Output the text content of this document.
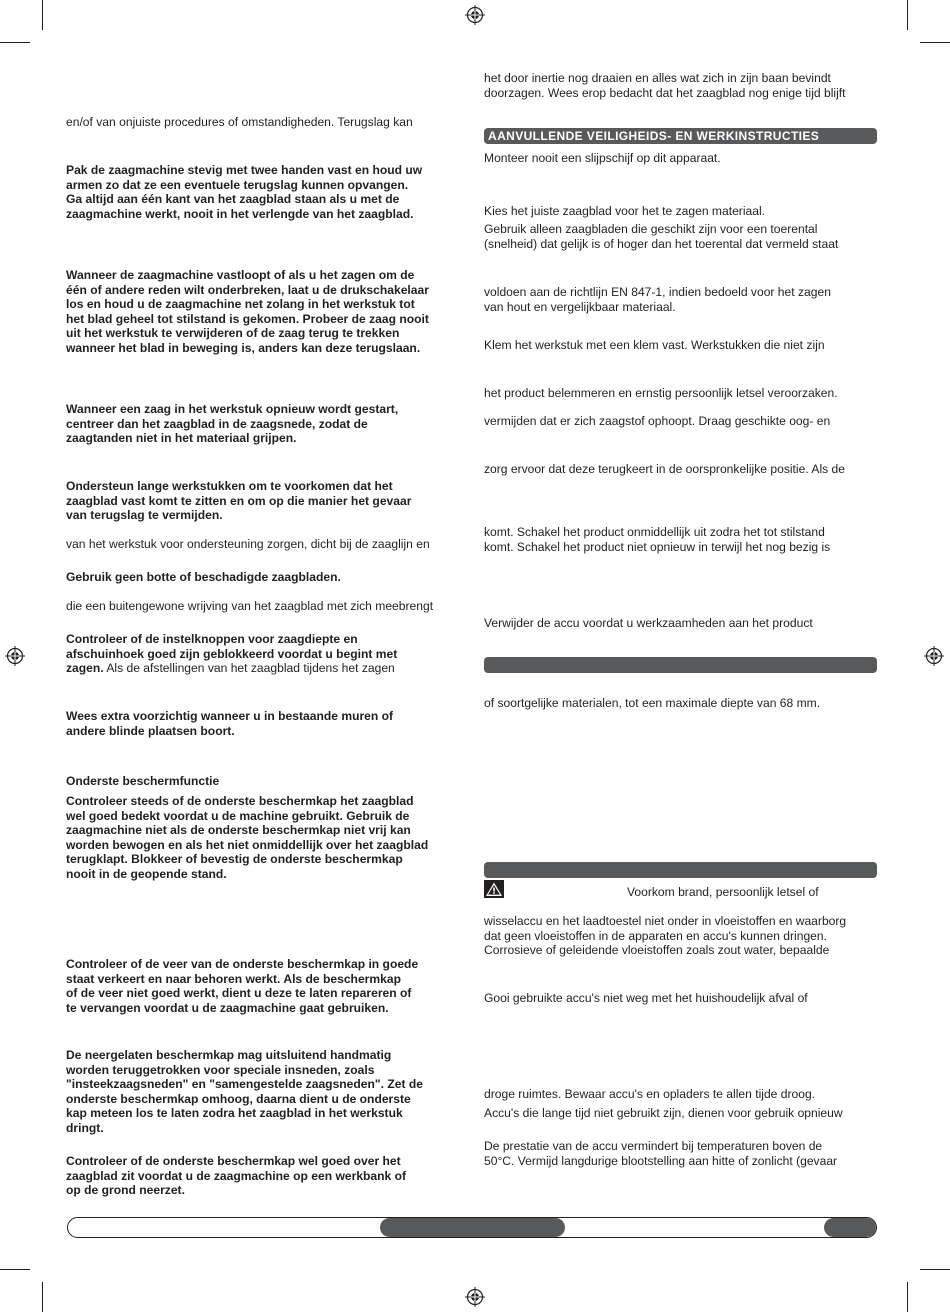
en/of van onjuiste procedures of omstandigheden. Terugslag kan

Pak de zaagmachine stevig met twee handen vast en houd uw
armen zo dat ze een eventuele terugslag kunnen opvangen.
Ga altijd aan één kant van het zaagblad staan als u met de
zaagmachine werkt, nooit in het verlengde van het zaagblad.

Wanneer de zaagmachine vastloopt of als u het zagen om de
één of andere reden wilt onderbreken, laat u de drukschakelaar
los en houd u de zaagmachine net zolang in het werkstuk tot
het blad geheel tot stilstand is gekomen. Probeer de zaag nooit
uit het werkstuk te verwijderen of de zaag terug te trekken
wanneer het blad in beweging is, anders kan deze terugslaan.

Wanneer een zaag in het werkstuk opnieuw wordt gestart,
centreer dan het zaagblad in de zaagsnede, zodat de
zaagtanden niet in het materiaal grijpen.

Ondersteun lange werkstukken om te voorkomen dat het
zaagblad vast komt te zitten en om op die manier het gevaar
van terugslag te vermijden.

van het werkstuk voor ondersteuning zorgen, dicht bij de zaaglijn en

Gebruik geen botte of beschadigde zaagbladen.

die een buitengewone wrijving van het zaagblad met zich meebrengt

Controleer of de instelknoppen voor zaagdiepte en
afschuinhoek goed zijn geblokkeerd voordat u begint met
zagen. Als de afstellingen van het zaagblad tijdens het zagen

Wees extra voorzichtig wanneer u in bestaande muren of
andere blinde plaatsen boort.

Onderste beschermfunctie

Controleer steeds of de onderste beschermkap het zaagblad
wel goed bedekt voordat u de machine gebruikt. Gebruik de
zaagmachine niet als de onderste beschermkap niet vrij kan
worden bewogen en als het niet onmiddellijk over het zaagblad
terugklapt. Blokkeer of bevestig de onderste beschermkap
nooit in de geopende stand.

Controleer of de veer van de onderste beschermkap in goede
staat verkeert en naar behoren werkt. Als de beschermkap
of de veer niet goed werkt, dient u deze te laten repareren of
te vervangen voordat u de zaagmachine gaat gebruiken.

De neergelaten beschermkap mag uitsluitend handmatig
worden teruggetrokken voor speciale insneden, zoals
"insteekzaagsneden" en "samengestelde zaagsneden". Zet de
onderste beschermkap omhoog, daarna dient u de onderste
kap meteen los te laten zodra het zaagblad in het werkstuk
dringt.

Controleer of de onderste beschermkap wel goed over het
zaagblad zit voordat u de zaagmachine op een werkbank of
op de grond neerzet.

het door inertie nog draaien en alles wat zich in zijn baan bevindt
doorzagen. Wees erop bedacht dat het zaagblad nog enige tijd blijft

AANVULLENDE VEILIGHEIDS- EN WERKINSTRUCTIES

Monteer nooit een slijpschijf op dit apparaat.

Kies het juiste zaagblad voor het te zagen materiaal.

Gebruik alleen zaagbladen die geschikt zijn voor een toerental
(snelheid) dat gelijk is of hoger dan het toerental dat vermeld staat

voldoen aan de richtlijn EN 847-1, indien bedoeld voor het zagen
van hout en vergelijkbaar materiaal.

Klem het werkstuk met een klem vast. Werkstukken die niet zijn

het product belemmeren en ernstig persoonlijk letsel veroorzaken.

vermijden dat er zich zaagstof ophoopt. Draag geschikte oog- en

zorg ervoor dat deze terugkeert in de oorspronkelijke positie. Als de

komt. Schakel het product onmiddellijk uit zodra het tot stilstand
komt. Schakel het product niet opnieuw in terwijl het nog bezig is

Verwijder de accu voordat u werkzaamheden aan het product

of soortgelijke materialen, tot een maximale diepte van 68 mm.

Voorkom brand, persoonlijk letsel of

wisselaccu en het laadtoestel niet onder in vloeistoffen en waarborg
dat geen vloeistoffen in de apparaten en accu's kunnen dringen.
Corrosieve of geleidende vloeistoffen zoals zout water, bepaalde

Gooi gebruikte accu's niet weg met het huishoudelijk afval of

droge ruimtes. Bewaar accu's en opladers te allen tijde droog.

Accu's die lange tijd niet gebruikt zijn, dienen voor gebruik opnieuw

De prestatie van de accu vermindert bij temperaturen boven de
50°C. Vermijd langdurige blootstelling aan hitte of zonlicht (gevaar
